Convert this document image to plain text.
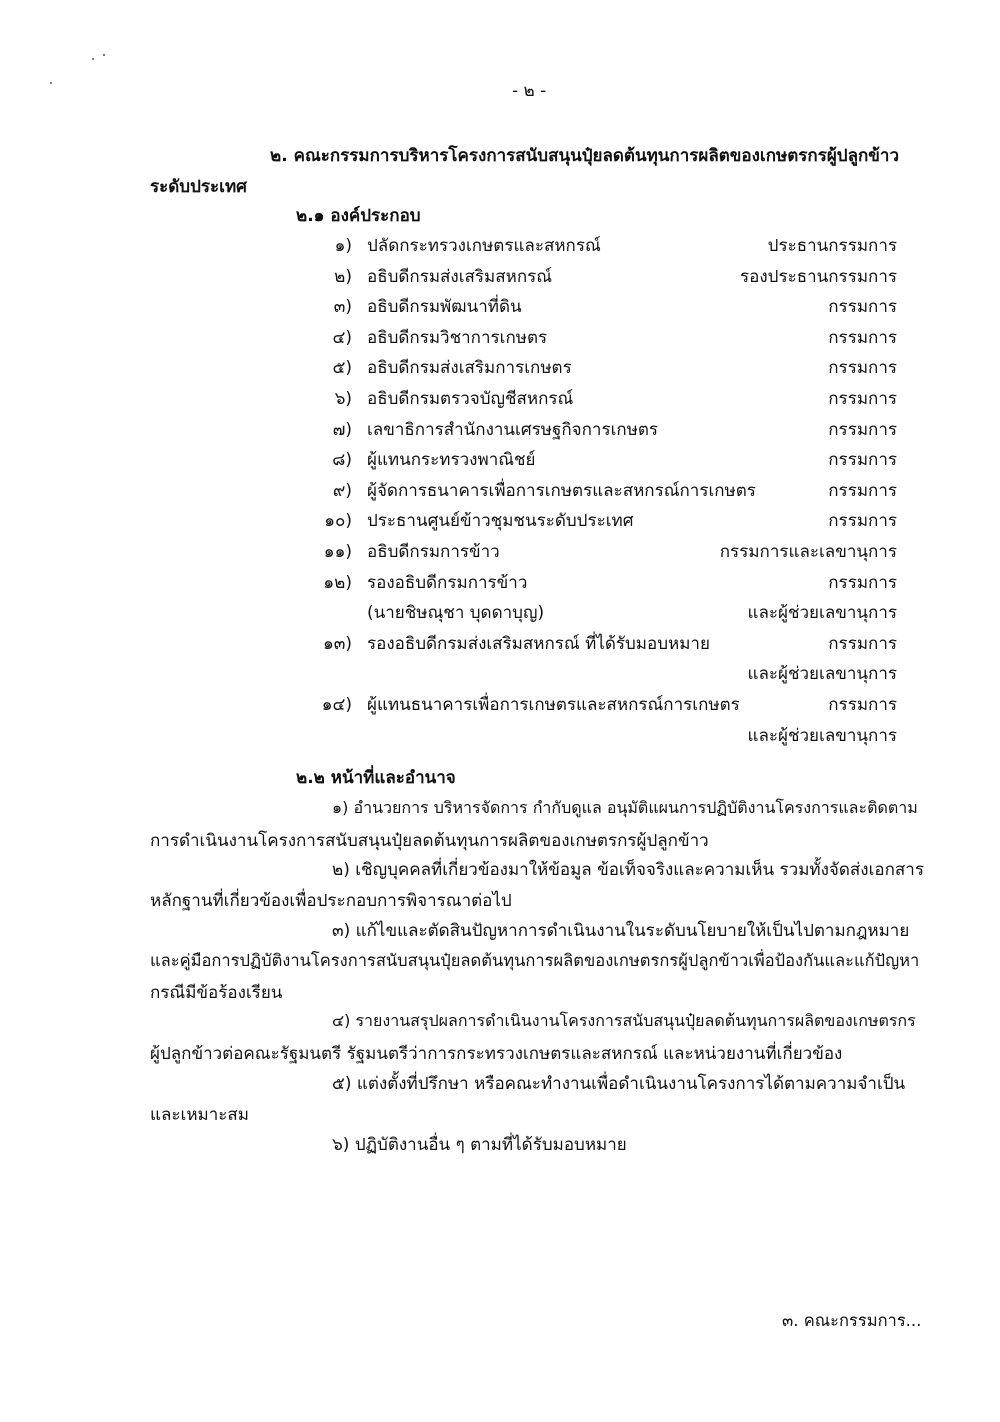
- ๒ -
๒. คณะกรรมการบริหารโครงการสนับสนุนปุ๋ยลดต้นทุนการผลิตของเกษตรกรผู้ปลูกข้าว
ระดับประเทศ
๒.๑ องค์ประกอบ
๑) ปลัดกระทรวงเกษตรและสหกรณ์	ประธานกรรมการ
๒) อธิบดีกรมส่งเสริมสหกรณ์	รองประธานกรรมการ
๓) อธิบดีกรมพัฒนาที่ดิน	กรรมการ
๔) อธิบดีกรมวิชาการเกษตร	กรรมการ
๕) อธิบดีกรมส่งเสริมการเกษตร	กรรมการ
๖) อธิบดีกรมตรวจบัญชีสหกรณ์	กรรมการ
๗) เลขาธิการสำนักงานเศรษฐกิจการเกษตร	กรรมการ
๘) ผู้แทนกระทรวงพาณิชย์	กรรมการ
๙) ผู้จัดการธนาคารเพื่อการเกษตรและสหกรณ์การเกษตร	กรรมการ
๑๐) ประธานศูนย์ข้าวชุมชนระดับประเทศ	กรรมการ
๑๑) อธิบดีกรมการข้าว	กรรมการและเลขานุการ
๑๒) รองอธิบดีกรมการข้าว	กรรมการ
(นายชิษณุชา บุดดาบุญ)	และผู้ช่วยเลขานุการ
๑๓) รองอธิบดีกรมส่งเสริมสหกรณ์ ที่ได้รับมอบหมาย	กรรมการ
และผู้ช่วยเลขานุการ
๑๔) ผู้แทนธนาคารเพื่อการเกษตรและสหกรณ์การเกษตร	กรรมการ
และผู้ช่วยเลขานุการ
๒.๒ หน้าที่และอำนาจ
๑) อำนวยการ บริหารจัดการ กำกับดูแล อนุมัติแผนการปฏิบัติงานโครงการและติดตาม
การดำเนินงานโครงการสนับสนุนปุ๋ยลดต้นทุนการผลิตของเกษตรกรผู้ปลูกข้าว
๒) เชิญบุคคลที่เกี่ยวข้องมาให้ข้อมูล ข้อเท็จจริงและความเห็น รวมทั้งจัดส่งเอกสาร
หลักฐานที่เกี่ยวข้องเพื่อประกอบการพิจารณาต่อไป
๓) แก้ไขและตัดสินปัญหาการดำเนินงานในระดับนโยบายให้เป็นไปตามกฎหมาย
และคู่มือการปฏิบัติงานโครงการสนับสนุนปุ๋ยลดต้นทุนการผลิตของเกษตรกรผู้ปลูกข้าวเพื่อป้องกันและแก้ปัญหา
กรณีมีข้อร้องเรียน
๔) รายงานสรุปผลการดำเนินงานโครงการสนับสนุนปุ๋ยลดต้นทุนการผลิตของเกษตรกร
ผู้ปลูกข้าวต่อคณะรัฐมนตรี รัฐมนตรีว่าการกระทรวงเกษตรและสหกรณ์ และหน่วยงานที่เกี่ยวข้อง
๕) แต่งตั้งที่ปรึกษา หรือคณะทำงานเพื่อดำเนินงานโครงการได้ตามความจำเป็น
และเหมาะสม
๖) ปฏิบัติงานอื่น ๆ ตามที่ได้รับมอบหมาย
๓. คณะกรรมการ...
